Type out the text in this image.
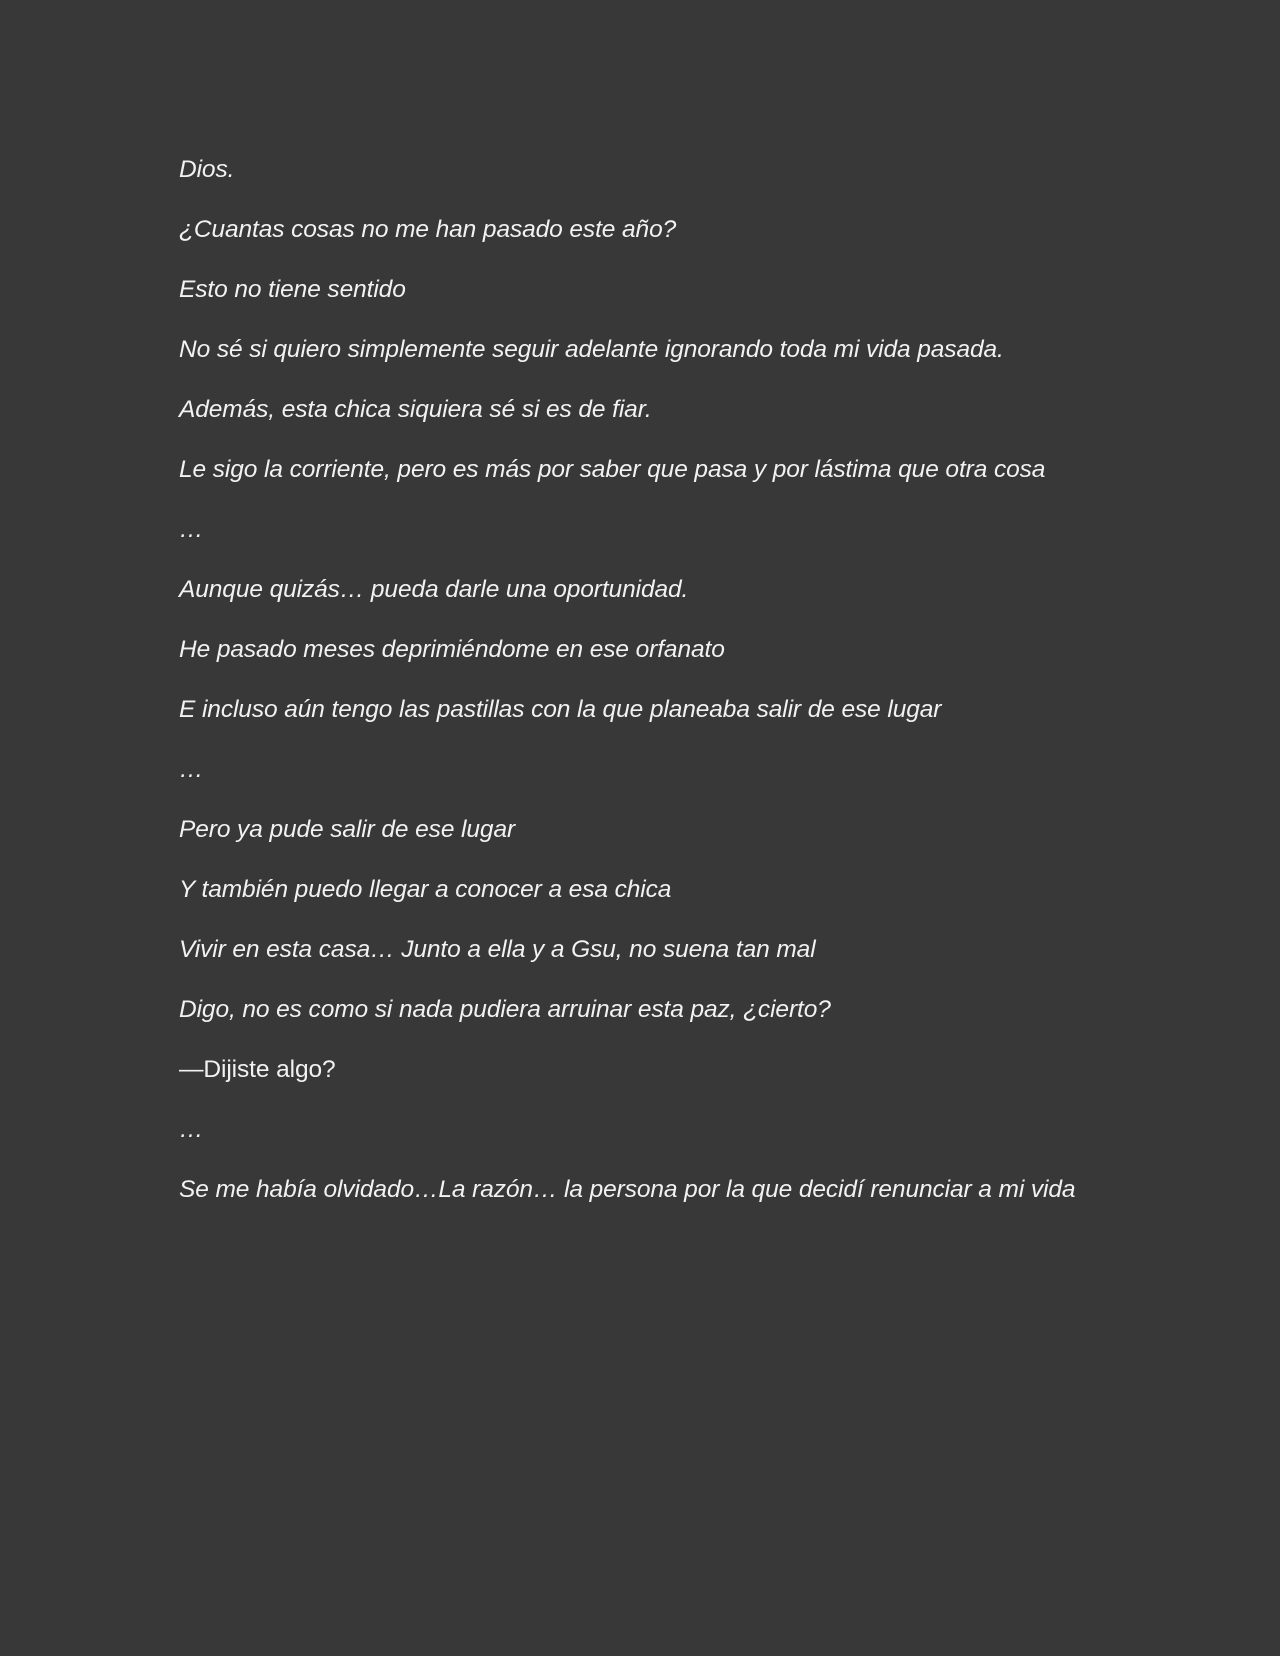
Dios.

¿Cuantas cosas no me han pasado este año?

Esto no tiene sentido

No sé si quiero simplemente seguir adelante ignorando toda mi vida pasada.

Además, esta chica siquiera sé si es de fiar.

Le sigo la corriente, pero es más por saber que pasa y por lástima que otra cosa

…

Aunque quizás… pueda darle una oportunidad.

He pasado meses deprimiéndome en ese orfanato

E incluso aún tengo las pastillas con la que planeaba salir de ese lugar

…

Pero ya pude salir de ese lugar

Y también puedo llegar a conocer a esa chica

Vivir en esta casa… Junto a ella y a Gsu, no suena tan mal

Digo, no es como si nada pudiera arruinar esta paz, ¿cierto?

—Dijiste algo?

…

Se me había olvidado…La razón… la persona por la que decidí renunciar a mi vida
